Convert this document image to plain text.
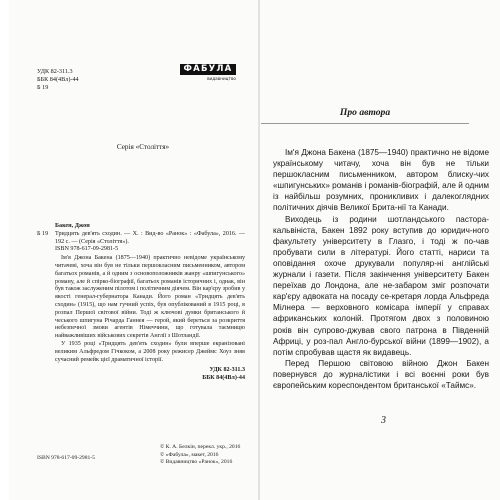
УДК 82-311.3
ББК 84(4Вл)-44
Б 19
ФАБУЛА
видавництво
Серія «Століття»
Бакен, Джон
Б 19	Тридцять дев'ять сходин. — Х. : Вид-во «Ранок» : «Фабула», 2016. — 192 с. — (Серія «Століття»).
ISBN 978-617-09-2981-5

Ім'я Джона Бакена (1875—1940) практично невідоме українському читачеві, хоча він був не тільки першокласним письменником, автором багатьох романів, а й одним з основоположників жанру «шпигунського» роману, але й спірко-біографії, багатьох романів історичних і, однак, він був також заслуженим пілотом і політичним діячем. Він кар'єру зробив у якості генерал-губернатора Канади. Його роман «Тридцять дев'ять сходин» (1915), що нам гучний успіх, був опублікований в 1915 році, в розпал Першої світової війни. Тоді ж ключові думки британського й чеського шпигуна Річарда Ганнея — герой, який береться за розкриття небезпечної змови агентів Німеччини, що готувала таємницю найважливіших військових секретів Англії з Шотландії.

У 1935 році «Тридцять дев'ять сходин» були вперше екранізовані великим Альфредом Гічкоком, а 2008 року режисер Джеймс Хоуз зняв сучасний ремейк цієї драматичної історії.

УДК 82-311.3
ББК 84(4Вл)-44
ISBN 978-617-09-2981-5
© К. А. Белкін, перекл. укр., 2016
© «Фабула», макет, 2016
© Видавництво «Ранок», 2016
Про автора

Ім'я Джона Бакена (1875—1940) практично не відоме українському читачу, хоча він був не тільки першокласним письменником, автором блиску-чих «шпигунських» романів і романів-біографій, але й одним із найбільш розумних, проникливих і далекоглядних політичних діячів Великої Брита-нії та Канади.

Виходець із родини шотландського пастора-кальвініста, Бакен 1892 року вступив до юридич-ного факультету університету в Глазго, і тоді ж по-чав пробувати сили в літературі. Його статті, нариси та оповідання охоче друкували популяр-ні англійські журнали і газети. Після закінчення університету Бакен переїхав до Лондона, але не-забаром зміг розпочати кар'єру адвоката на посаду се-кретаря лорда Альфреда Мілнера — верховного комісара імперії у справах африканських колоній. Протягом двох з половиною років він супрово-джував свого патрона в Південній Африці, у роз-пал Англо-бурської війни (1899—1902), а потім спробував щастя як видавець.

Перед Першою світовою війною Джон Бакен повернувся до журналістики і всі воєнні роки був європейським кореспондентом британської «Таймс».

3
